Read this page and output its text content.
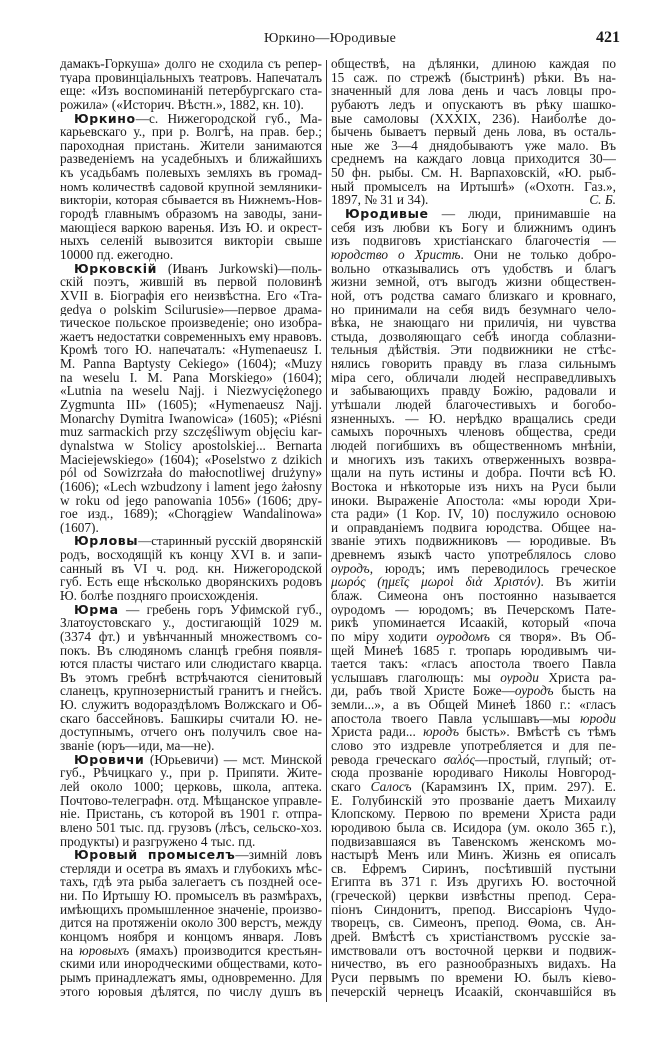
Юркино—Юродивые	421
дамакъ-Горкуша» долго не сходила съ репер-
туара провинціальныхъ театровъ. Напечаталъ
еще: «Изъ воспоминаній петербургскаго ста-
рожила» («Историч. Вѣстн.», 1882, кн. 10).
Юркино—с. Нижегородской губ., Ма-
карьевскаго у., при р. Волгѣ, на прав. бер.;
пароходная пристань. Жители занимаются
разведеніемъ на усадебныхъ и ближайшихъ
къ усадьбамъ полевыхъ земляхъ въ громад-
номъ количествѣ садовой крупной земляники-
викторіи, которая сбывается въ Нижнемъ-Нов-
городѣ главнымъ образомъ на заводы, зани-
мающіеся варкою варенья. Изъ Ю. и окрест-
ныхъ селеній вывозится викторіи свыше
10000 пд. ежегодно.
Юрковскій (Иванъ Jurkowski)—поль-
скій поэтъ, жившій въ первой половинѣ
XVII в. Біографія его неизвѣстна. Его «Tra-
gedya o polskim Scilurusie»—первое драма-
тическое польское произведеніе; оно изобра-
жаетъ недостатки современныхъ ему нравовъ.
Кромѣ того Ю. напечаталъ: «Hymenaeusz I.
M. Panna Baptysty Cekiego» (1604); «Muzy
na weselu I. M. Pana Morskiego» (1604);
«Lutnia na weselu Najj. i Niezwyciężonego
Zygmunta III» (1605); «Hymenaeusz Najj.
Monarchy Dymitra Iwanowica» (1605); «Piésni
muz sarmackich przy szczęśliwym objęciu kar-
dynalstwa w Stolicy apostolskiej... Bernarta
Maciejewskiego» (1604); «Poselstwo z dzikich
pól od Sowizrzała do małocnotliwej drużyny»
(1606); «Lech wzbudzony i lament jego żałosny
w roku od jego panowania 1056» (1606; дру-
гое изд., 1689); «Chorągiew Wandalinowa»
(1607).
Юрловы—старинный русскій дворянскій
родъ, восходящій къ концу XVI в. и запи-
санный въ VI ч. род. кн. Нижегородской
губ. Есть еще нѣсколько дворянскихъ родовъ
Ю. болѣе поздняго происхожденія.
Юрма — гребень горъ Уфимской губ.,
Златоустовскаго у., достигающій 1029 м.
(3374 фт.) и увѣнчанный множествомъ со-
покъ. Въ слюдяномъ сланцѣ гребня появля-
ются пласты чистаго или слюдистаго кварца.
Въ этомъ гребнѣ встрѣчаются сіенитовый
сланецъ, крупнозернистый гранитъ и гнейсъ.
Ю. служитъ водораздѣломъ Волжскаго и Об-
скаго бассейновъ. Башкиры считали Ю. не-
доступнымъ, отчего онъ получилъ свое на-
званіе (юръ—иди, ма—не).
Юровичи (Юрьевичи) — мст. Минской
губ., Рѣчицкаго у., при р. Припяти. Жите-
лей около 1000; церковь, школа, аптека.
Почтово-телеграфн. отд. Мѣщанское управле-
ніе. Пристань, съ которой въ 1901 г. отпра-
влено 501 тыс. пд. грузовъ (лѣсъ, сельско-хоз.
продукты) и разгружено 4 тыс. пд.
Юровый промыселъ—зимній ловъ
стерляди и осетра въ ямахъ и глубокихъ мѣс-
тахъ, гдѣ эта рыба залегаетъ съ поздней осе-
ни. По Иртышу Ю. промыселъ въ размѣрахъ,
имѣющихъ промышленное значеніе, произво-
дится на протяженіи около 300 верстъ, между
концомъ ноября и концомъ января. Ловъ
на юровыхъ (ямахъ) производится крестьян-
скими или инородческими обществами, кото-
рымъ принадлежатъ ямы, одновременно. Для
этого юровыя дѣлятся, по числу душъ въ
обществѣ, на дѣлянки, длиною каждая по
15 саж. по стрежѣ (быстринѣ) рѣки. Въ на-
значенный для лова день и часъ ловцы про-
рубаютъ ледъ и опускаютъ въ рѣку шашко-
вые самоловы (XXXIX, 236). Наиболѣе до-
бычень бываетъ первый день лова, въ осталь-
ные же 3—4 днядобываютъ уже мало. Въ
среднемъ на каждаго ловца приходится 30—
50 фн. рыбы. См. Н. Варпаховскій, «Ю. рыб-
ный промыселъ на Иртышѣ» («Охотн. Газ.»,
1897, № 31 и 34).	С. Б.
Юродивые — люди, принимавшіе на
себя изъ любви къ Богу и ближнимъ одинъ
изъ подвиговъ христіанскаго благочестія —
юродство о Христѣ. Они не только добро-
вольно отказывались отъ удобствъ и благъ
жизни земной, отъ выгодъ жизни обществен-
ной, отъ родства самаго близкаго и кровнаго,
но принимали на себя видъ безумнаго чело-
вѣка, не знающаго ни приличія, ни чувства
стыда, дозволяющаго себѣ иногда соблазни-
тельныя дѣйствія. Эти подвижники не стѣс-
нялись говорить правду въ глаза сильнымъ
міра сего, обличали людей несправедливыхъ
и забывающихъ правду Божію, радовали и
утѣшали людей благочестивыхъ и богобо-
язненныхъ. — Ю. нерѣдко вращались среди
самыхъ порочныхъ членовъ общества, среди
людей погибшихъ въ общественномъ мнѣніи,
и многихъ изъ такихъ отверженныхъ возвра-
щали на путь истины и добра. Почти всѣ Ю.
Востока и нѣкоторые изъ нихъ на Руси были
иноки. Выраженіе Апостола: «мы юроди Хри-
ста ради» (1 Кор. IV, 10) послужило основою
и оправданіемъ подвига юродства. Общее на-
званіе этихъ подвижниковъ — юродивые. Въ
древнемъ языкѣ часто употреблялось слово
оуродъ, юродъ; имъ переводилось греческое
μωρός (ημεῖς μωροὶ διὰ Χριστόν). Въ житіи
блаж. Симеона онъ постоянно называется
оуродомъ — юродомъ; въ Печерскомъ Пате-
рикѣ упоминается Исаакій, который «поча
по міру ходити оуродомъ ся творя». Въ Об-
щей Минеѣ 1685 г. тропарь юродивымъ чи-
тается такъ: «гласъ апостола твоего Павла
услышавъ глаголющъ: мы оуроди Христа ра-
ди, рабъ твой Христе Боже—оуродъ бысть на
земли...», а въ Общей Минеѣ 1860 г.: «гласъ
апостола твоего Павла услышавъ—мы юроди
Христа ради... юродъ бысть». Вмѣстѣ съ тѣмъ
слово это издревле употребляется и для пе-
ревода греческаго σαλός—простый, глупый; от-
сюда прозваніе юродиваго Николы Новгород-
скаго Салосъ (Карамзинъ IX, прим. 297). Е.
Е. Голубинскій это прозваніе даетъ Михаилу
Клопскому. Первою по времени Христа ради
юродивою была св. Исидора (ум. около 365 г.),
подвизавшаяся въ Тавенскомъ женскомъ мо-
настырѣ Менъ или Минъ. Жизнь ея описалъ
св. Ефремъ Сиринъ, посѣтившій пустыни
Египта въ 371 г. Изъ другихъ Ю. восточной
(греческой) церкви извѣстны препод. Сера-
піонъ Синдонитъ, препод. Виссаріонъ Чудо-
творецъ, св. Симеонъ, препод. Θома, св. Ан-
дрей. Вмѣстѣ съ христіанствомъ русскіе за-
имствовали отъ восточной церкви и подвиж-
ничество, въ его разнообразныхъ видахъ. На
Руси первымъ по времени Ю. былъ кіево-
печерскій чернецъ Исаакій, скончавшійся въ
